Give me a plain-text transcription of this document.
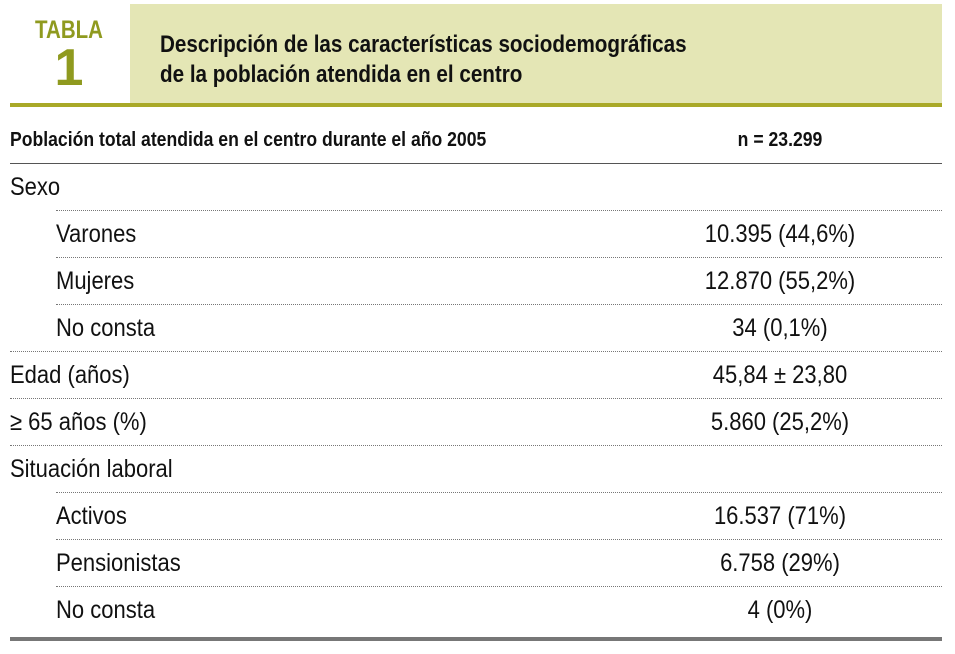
TABLA
1	Descripción de las características sociodemográficas
de la población atendida en el centro
Población total atendida en el centro durante el año 2005	n = 23.299
Sexo
Varones	10.395 (44,6%)
Mujeres	12.870 (55,2%)
No consta	34 (0,1%)
Edad (años)	45,84 ± 23,80
≥ 65 años (%)	5.860 (25,2%)
Situación laboral
Activos	16.537 (71%)
Pensionistas	6.758 (29%)
No consta	4 (0%)
